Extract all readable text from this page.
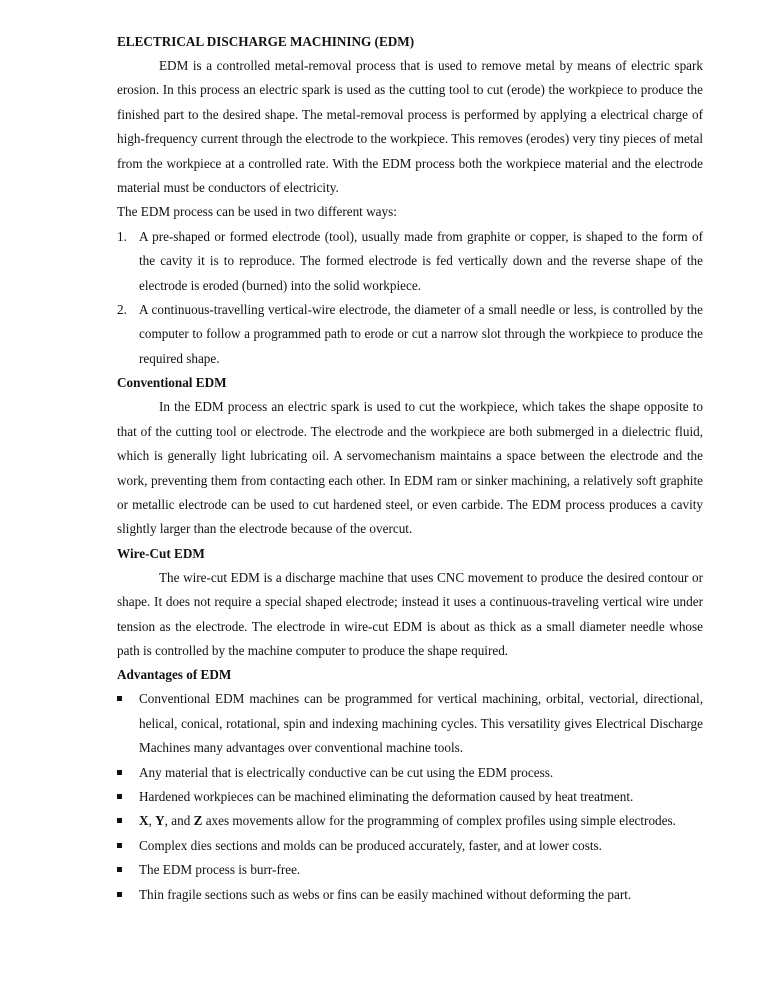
ELECTRICAL DISCHARGE MACHINING (EDM)

EDM is a controlled metal-removal process that is used to remove metal by means of electric spark erosion. In this process an electric spark is used as the cutting tool to cut (erode) the workpiece to produce the finished part to the desired shape. The metal-removal process is performed by applying a electrical charge of high-frequency current through the electrode to the workpiece. This removes (erodes) very tiny pieces of metal from the workpiece at a controlled rate. With the EDM process both the workpiece material and the electrode material must be conductors of electricity.

The EDM process can be used in two different ways:

1. A pre-shaped or formed electrode (tool), usually made from graphite or copper, is shaped to the form of the cavity it is to reproduce. The formed electrode is fed vertically down and the reverse shape of the electrode is eroded (burned) into the solid workpiece.
2. A continuous-travelling vertical-wire electrode, the diameter of a small needle or less, is controlled by the computer to follow a programmed path to erode or cut a narrow slot through the workpiece to produce the required shape.
Conventional EDM

In the EDM process an electric spark is used to cut the workpiece, which takes the shape opposite to that of the cutting tool or electrode. The electrode and the workpiece are both submerged in a dielectric fluid, which is generally light lubricating oil. A servomechanism maintains a space between the electrode and the work, preventing them from contacting each other. In EDM ram or sinker machining, a relatively soft graphite or metallic electrode can be used to cut hardened steel, or even carbide. The EDM process produces a cavity slightly larger than the electrode because of the overcut.

Wire-Cut EDM

The wire-cut EDM is a discharge machine that uses CNC movement to produce the desired contour or shape. It does not require a special shaped electrode; instead it uses a continuous-traveling vertical wire under tension as the electrode. The electrode in wire-cut EDM is about as thick as a small diameter needle whose path is controlled by the machine computer to produce the shape required.

Advantages of EDM
Conventional EDM machines can be programmed for vertical machining, orbital, vectorial, directional, helical, conical, rotational, spin and indexing machining cycles. This versatility gives Electrical Discharge Machines many advantages over conventional machine tools.
Any material that is electrically conductive can be cut using the EDM process.
Hardened workpieces can be machined eliminating the deformation caused by heat treatment.
X, Y, and Z axes movements allow for the programming of complex profiles using simple electrodes.
Complex dies sections and molds can be produced accurately, faster, and at lower costs.
The EDM process is burr-free.
Thin fragile sections such as webs or fins can be easily machined without deforming the part.
